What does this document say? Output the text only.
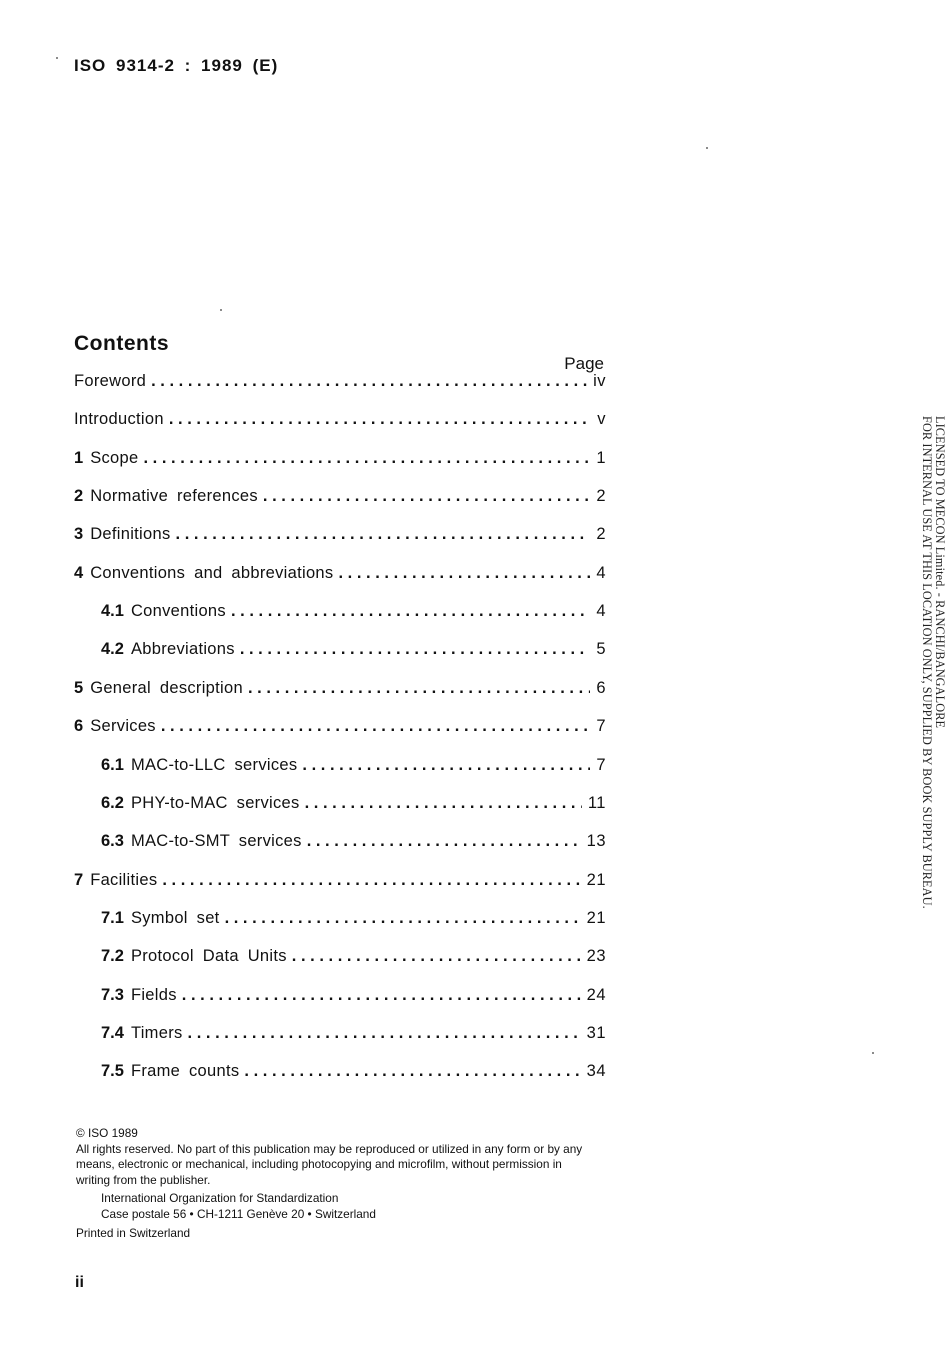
ISO 9314-2 : 1989 (E)
Contents
Page
Foreword .....	iv
Introduction .....	v
1 Scope .....	1
2 Normative references .....	2
3 Definitions .....	2
4 Conventions and abbreviations .....	4
4.1 Conventions .....	4
4.2 Abbreviations .....	5
5 General description .....	6
6 Services .....	7
6.1 MAC-to-LLC services .....	7
6.2 PHY-to-MAC services .....	11
6.3 MAC-to-SMT services .....	13
7 Facilities .....	21
7.1 Symbol set .....	21
7.2 Protocol Data Units .....	23
7.3 Fields .....	24
7.4 Timers .....	31
7.5 Frame counts .....	34
© ISO 1989
All rights reserved. No part of this publication may be reproduced or utilized in any form or by any
means, electronic or mechanical, including photocopying and microfilm, without permission in
writing from the publisher.
International Organization for Standardization
Case postale 56 • CH-1211 Genève 20 • Switzerland
Printed in Switzerland
ii
LICENSED TO MECON Limited. - RANCHI/BANGALORE
FOR INTERNAL USE AT THIS LOCATION ONLY, SUPPLIED BY BOOK SUPPLY BUREAU.
